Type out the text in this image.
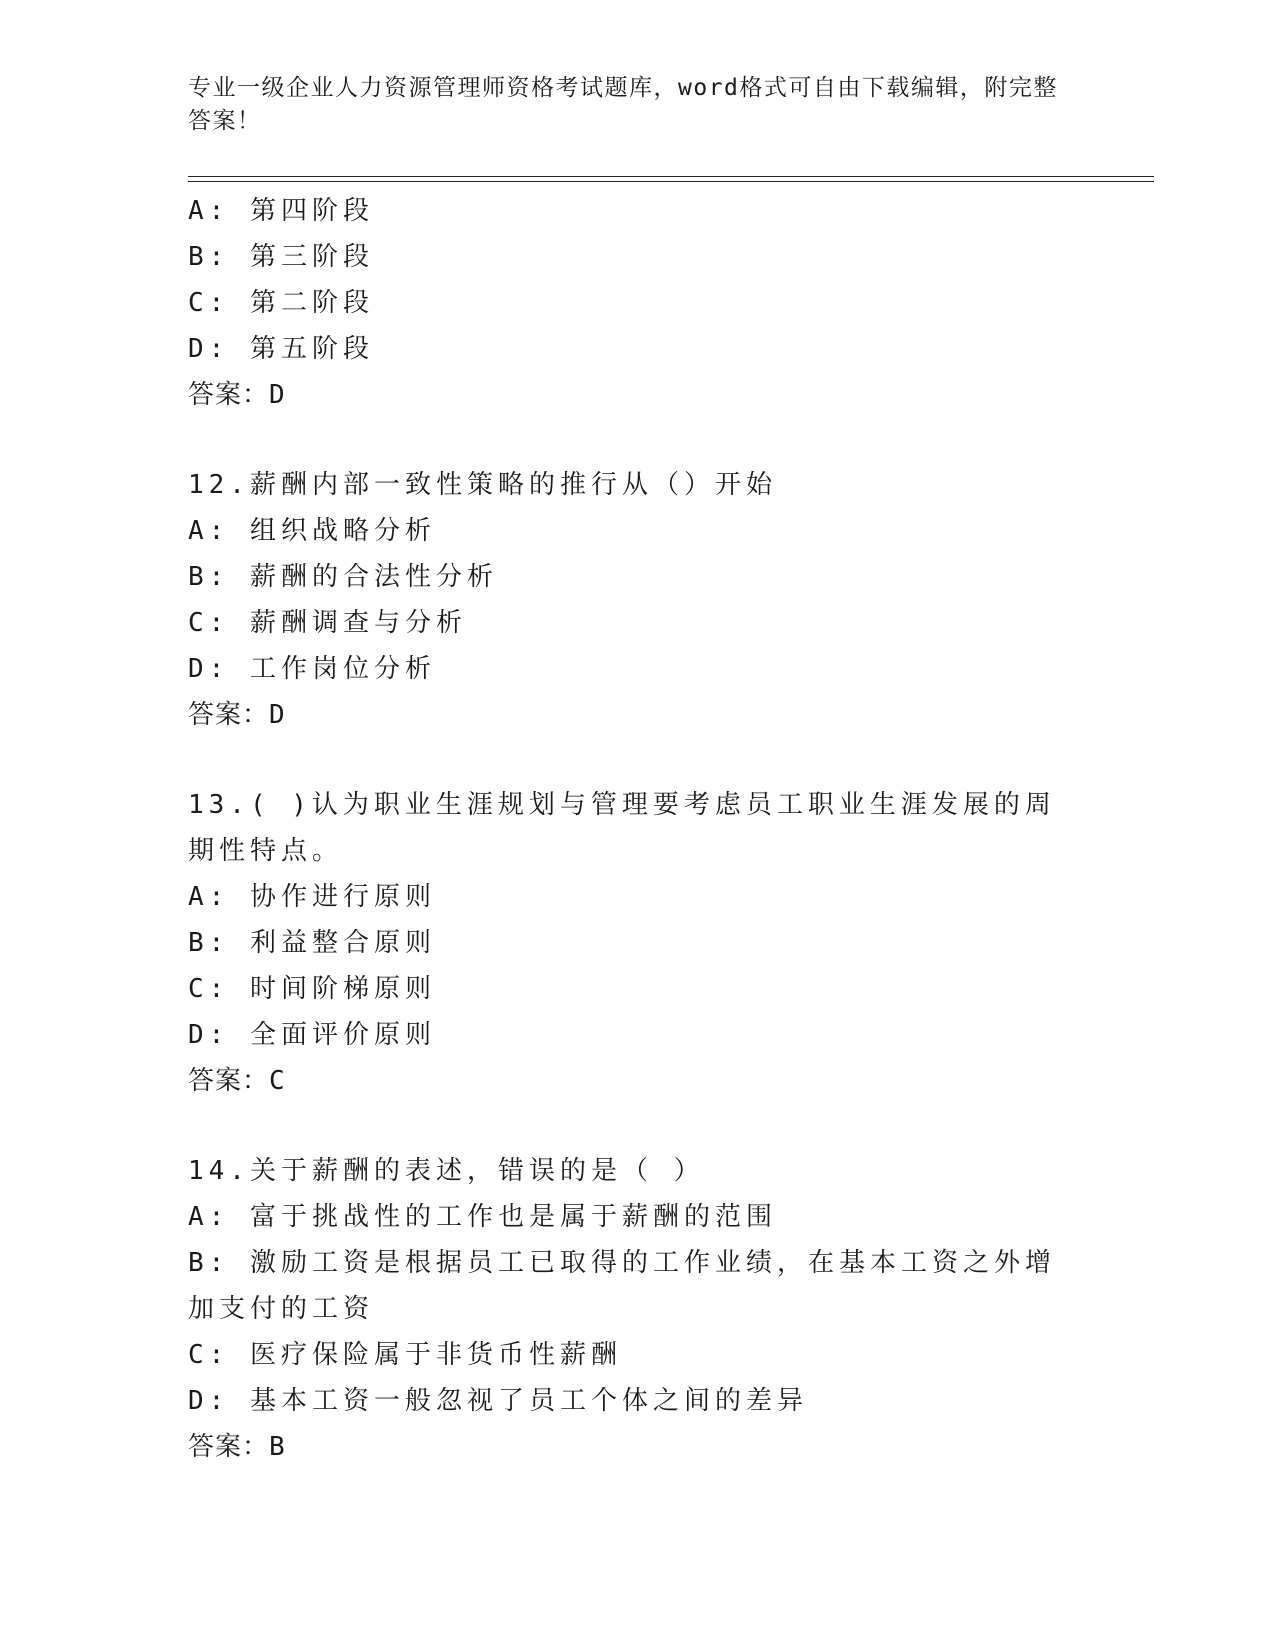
专业一级企业人力资源管理师资格考试题库，word格式可自由下载编辑，附完整答案！
A: 第四阶段
B: 第三阶段
C: 第二阶段
D: 第五阶段
答案：D
12.薪酬内部一致性策略的推行从（）开始
A: 组织战略分析
B: 薪酬的合法性分析
C: 薪酬调查与分析
D: 工作岗位分析
答案：D
13.( )认为职业生涯规划与管理要考虑员工职业生涯发展的周期性特点。
A: 协作进行原则
B: 利益整合原则
C: 时间阶梯原则
D: 全面评价原则
答案：C
14.关于薪酬的表述，错误的是（ ）
A: 富于挑战性的工作也是属于薪酬的范围
B: 激励工资是根据员工已取得的工作业绩，在基本工资之外增加支付的工资
C: 医疗保险属于非货币性薪酬
D: 基本工资一般忽视了员工个体之间的差异
答案：B
